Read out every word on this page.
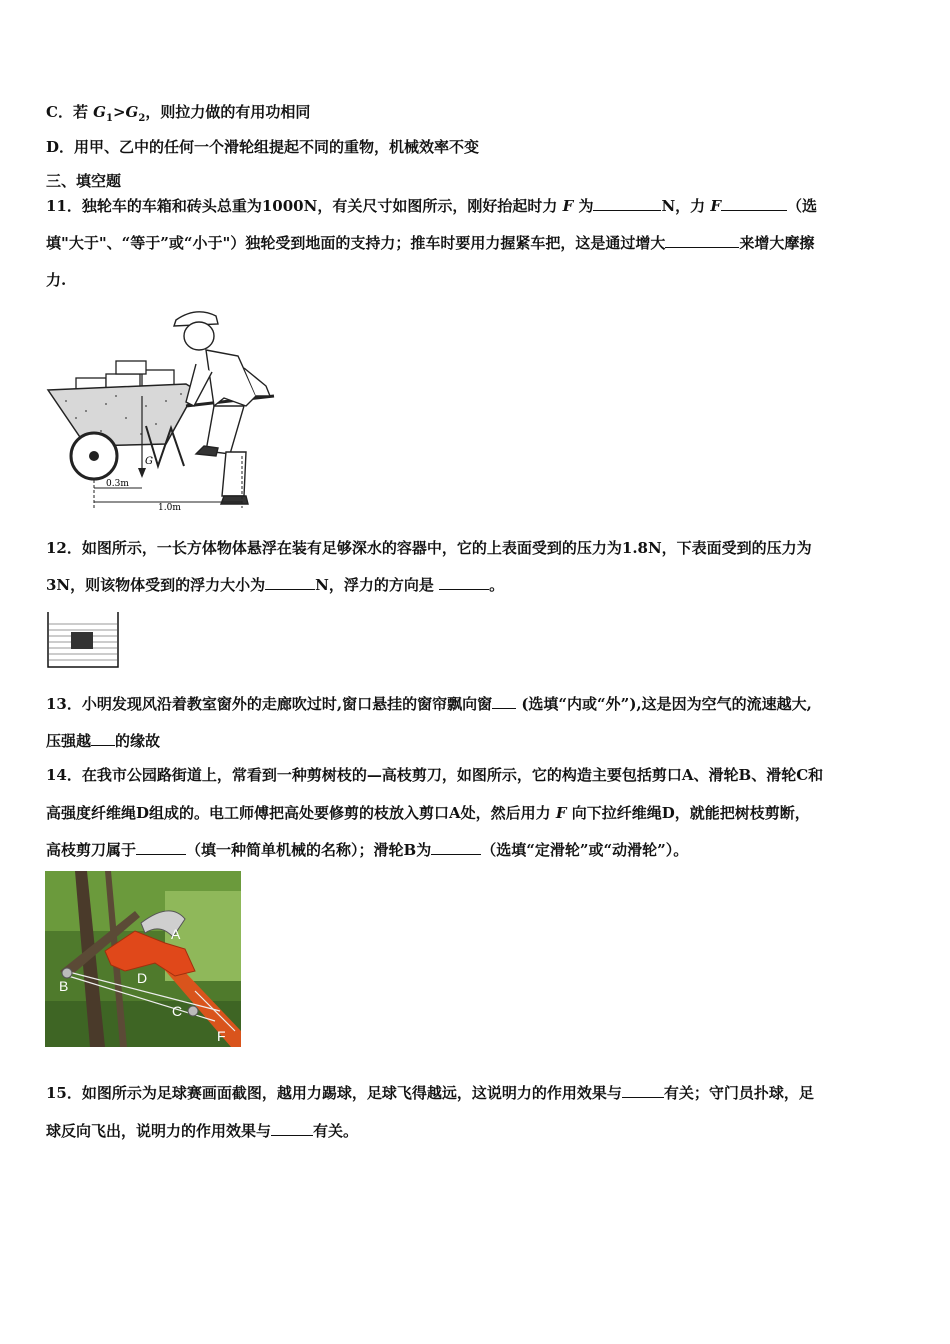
C．若 $G_1>G_2$，则拉力做的有用功相同
D．用甲、乙中的任何一个滑轮组提起不同的重物，机械效率不变
三、填空题
11．独轮车的车箱和砖头总重为1000N，有关尺寸如图所示，刚好抬起时力 F 为	N，力 F	（选
填"大于"、“等于”或“小于"）独轮受到地面的支持力；推车时要用力握紧车把，这是通过增大	来增大摩擦
力.
G
0.3m
1.0m
12．如图所示，一长方体物体悬浮在装有足够深水的容器中，它的上表面受到的压力为1.8N，下表面受到的压力为
3N，则该物体受到的浮力大小为	N，浮力的方向是	。
13．小明发现风沿着教室窗外的走廊吹过时,窗口悬挂的窗帘飘向窗 (选填“内或“外”),这是因为空气的流速越大,
压强越 的缘故
14．在我市公园路街道上，常看到一种剪树枝的—高枝剪刀，如图所示，它的构造主要包括剪口A、滑轮B、滑轮C和
高强度纤维绳D组成的。电工师傅把高处要修剪的枝放入剪口A处，然后用力 F 向下拉纤维绳D，就能把树枝剪断，
高枝剪刀属于	（填一种简单机械的名称）；滑轮B为	（选填“定滑轮”或“动滑轮”）。
A
B
C
D
F
15．如图所示为足球赛画面截图，越用力踢球，足球飞得越远，这说明力的作用效果与	有关；守门员扑球，足
球反向飞出，说明力的作用效果与	有关。
